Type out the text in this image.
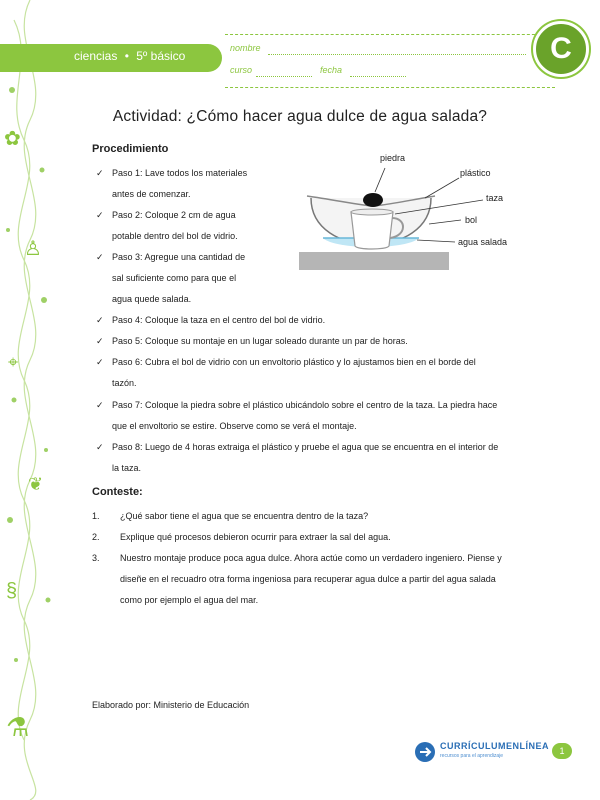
✿
♙
⌖
❦
§
⚗
ciencias • 5º básico
nombre
curso	fecha
C
Actividad: ¿Cómo hacer agua dulce de agua salada?
Procedimiento
✓ Paso 1: Lave todos los materiales
antes de comenzar.
✓ Paso 2: Coloque 2 cm de agua
potable dentro del bol de vidrio.
✓ Paso 3: Agregue una cantidad de
sal suficiente como para que el
agua quede salada.
✓ Paso 4: Coloque la taza en el centro del bol de vidrio.
✓ Paso 5: Coloque su montaje en un lugar soleado durante un par de horas.
✓ Paso 6: Cubra el bol de vidrio con un envoltorio plástico y lo ajustamos bien en el borde del
tazón.
✓ Paso 7: Coloque la piedra sobre el plástico ubicándolo sobre el centro de la taza. La piedra hace
que el envoltorio se estire. Observe como se verá el montaje.
✓ Paso 8: Luego de 4 horas extraiga el plástico y pruebe el agua que se encuentra en el interior de
la taza.
piedra
plástico
taza
bol
agua salada
Conteste:
1. ¿Qué sabor tiene el agua que se encuentra dentro de la taza?
2. Explique qué procesos debieron ocurrir para extraer la sal del agua.
3. Nuestro montaje produce poca agua dulce. Ahora actúe como un verdadero ingeniero. Piense y
diseñe en el recuadro otra forma ingeniosa para recuperar agua dulce a partir del agua salada
como por ejemplo el agua del mar.
Elaborado por: Ministerio de Educación
CURRÍCULUMENLÍNEA
recursos para el aprendizaje	1
